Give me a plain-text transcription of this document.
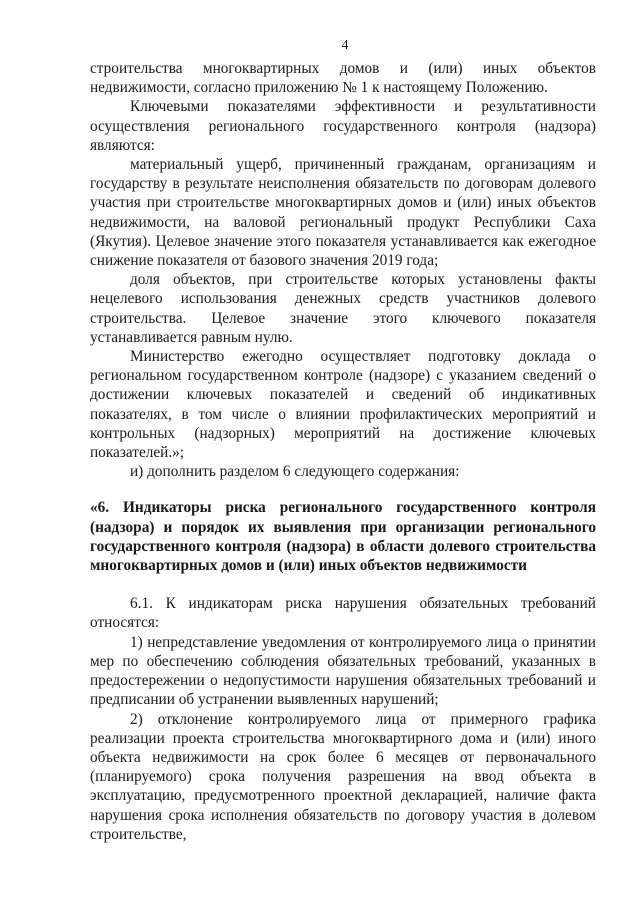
4

строительства многоквартирных домов и (или) иных объектов недвижимости, согласно приложению № 1 к настоящему Положению.

Ключевыми показателями эффективности и результативности осуществления регионального государственного контроля (надзора) являются:

материальный ущерб, причиненный гражданам, организациям и государству в результате неисполнения обязательств по договорам долевого участия при строительстве многоквартирных домов и (или) иных объектов недвижимости, на валовой региональный продукт Республики Саха (Якутия). Целевое значение этого показателя устанавливается как ежегодное снижение показателя от базового значения 2019 года;

доля объектов, при строительстве которых установлены факты нецелевого использования денежных средств участников долевого строительства. Целевое значение этого ключевого показателя устанавливается равным нулю.

Министерство ежегодно осуществляет подготовку доклада о региональном государственном контроле (надзоре) с указанием сведений о достижении ключевых показателей и сведений об индикативных показателях, в том числе о влиянии профилактических мероприятий и контрольных (надзорных) мероприятий на достижение ключевых показателей.»;

и) дополнить разделом 6 следующего содержания:

«6. Индикаторы риска регионального государственного контроля (надзора) и порядок их выявления при организации регионального государственного контроля (надзора) в области долевого строительства многоквартирных домов и (или) иных объектов недвижимости

6.1. К индикаторам риска нарушения обязательных требований относятся:

1) непредставление уведомления от контролируемого лица о принятии мер по обеспечению соблюдения обязательных требований, указанных в предостережении о недопустимости нарушения обязательных требований и предписании об устранении выявленных нарушений;

2) отклонение контролируемого лица от примерного графика реализации проекта строительства многоквартирного дома и (или) иного объекта недвижимости на срок более 6 месяцев от первоначального (планируемого) срока получения разрешения на ввод объекта в эксплуатацию, предусмотренного проектной декларацией, наличие факта нарушения срока исполнения обязательств по договору участия в долевом строительстве,
